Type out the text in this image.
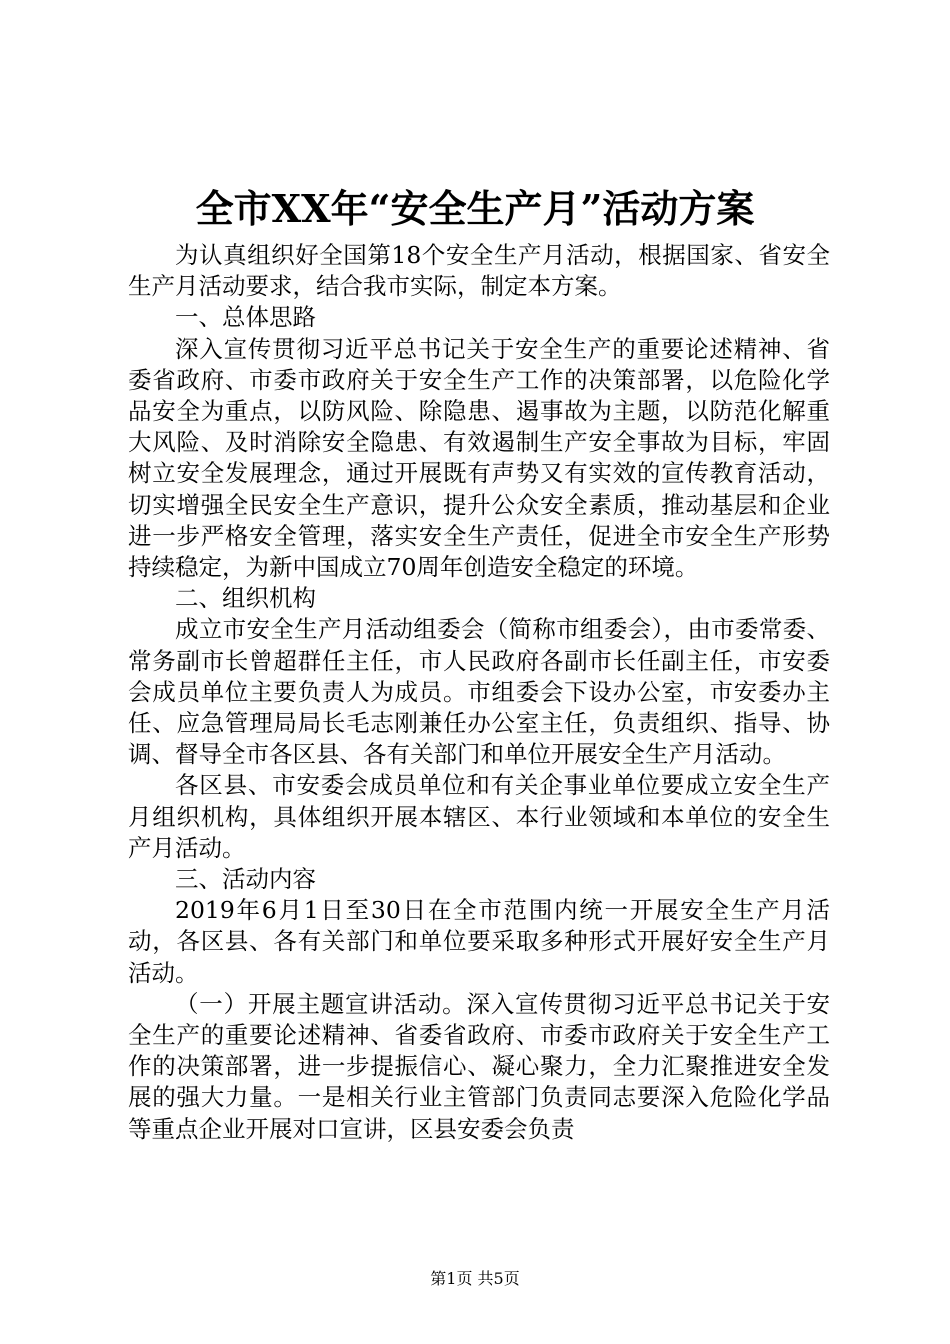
全市XX年“安全生产月”活动方案

为认真组织好全国第18个安全生产月活动，根据国家、省安全生产月活动要求，结合我市实际，制定本方案。

一、总体思路

深入宣传贯彻习近平总书记关于安全生产的重要论述精神、省委省政府、市委市政府关于安全生产工作的决策部署，以危险化学品安全为重点，以防风险、除隐患、遏事故为主题，以防范化解重大风险、及时消除安全隐患、有效遏制生产安全事故为目标，牢固树立安全发展理念，通过开展既有声势又有实效的宣传教育活动，切实增强全民安全生产意识，提升公众安全素质，推动基层和企业进一步严格安全管理，落实安全生产责任，促进全市安全生产形势持续稳定，为新中国成立70周年创造安全稳定的环境。

二、组织机构

成立市安全生产月活动组委会（简称市组委会），由市委常委、常务副市长曾超群任主任，市人民政府各副市长任副主任，市安委会成员单位主要负责人为成员。市组委会下设办公室，市安委办主任、应急管理局局长毛志刚兼任办公室主任，负责组织、指导、协调、督导全市各区县、各有关部门和单位开展安全生产月活动。

各区县、市安委会成员单位和有关企事业单位要成立安全生产月组织机构，具体组织开展本辖区、本行业领域和本单位的安全生产月活动。

三、活动内容

2019年6月1日至30日在全市范围内统一开展安全生产月活动，各区县、各有关部门和单位要采取多种形式开展好安全生产月活动。

（一）开展主题宣讲活动。深入宣传贯彻习近平总书记关于安全生产的重要论述精神、省委省政府、市委市政府关于安全生产工作的决策部署，进一步提振信心、凝心聚力，全力汇聚推进安全发展的强大力量。一是相关行业主管部门负责同志要深入危险化学品等重点企业开展对口宣讲，区县安委会负责

第1页 共5页
